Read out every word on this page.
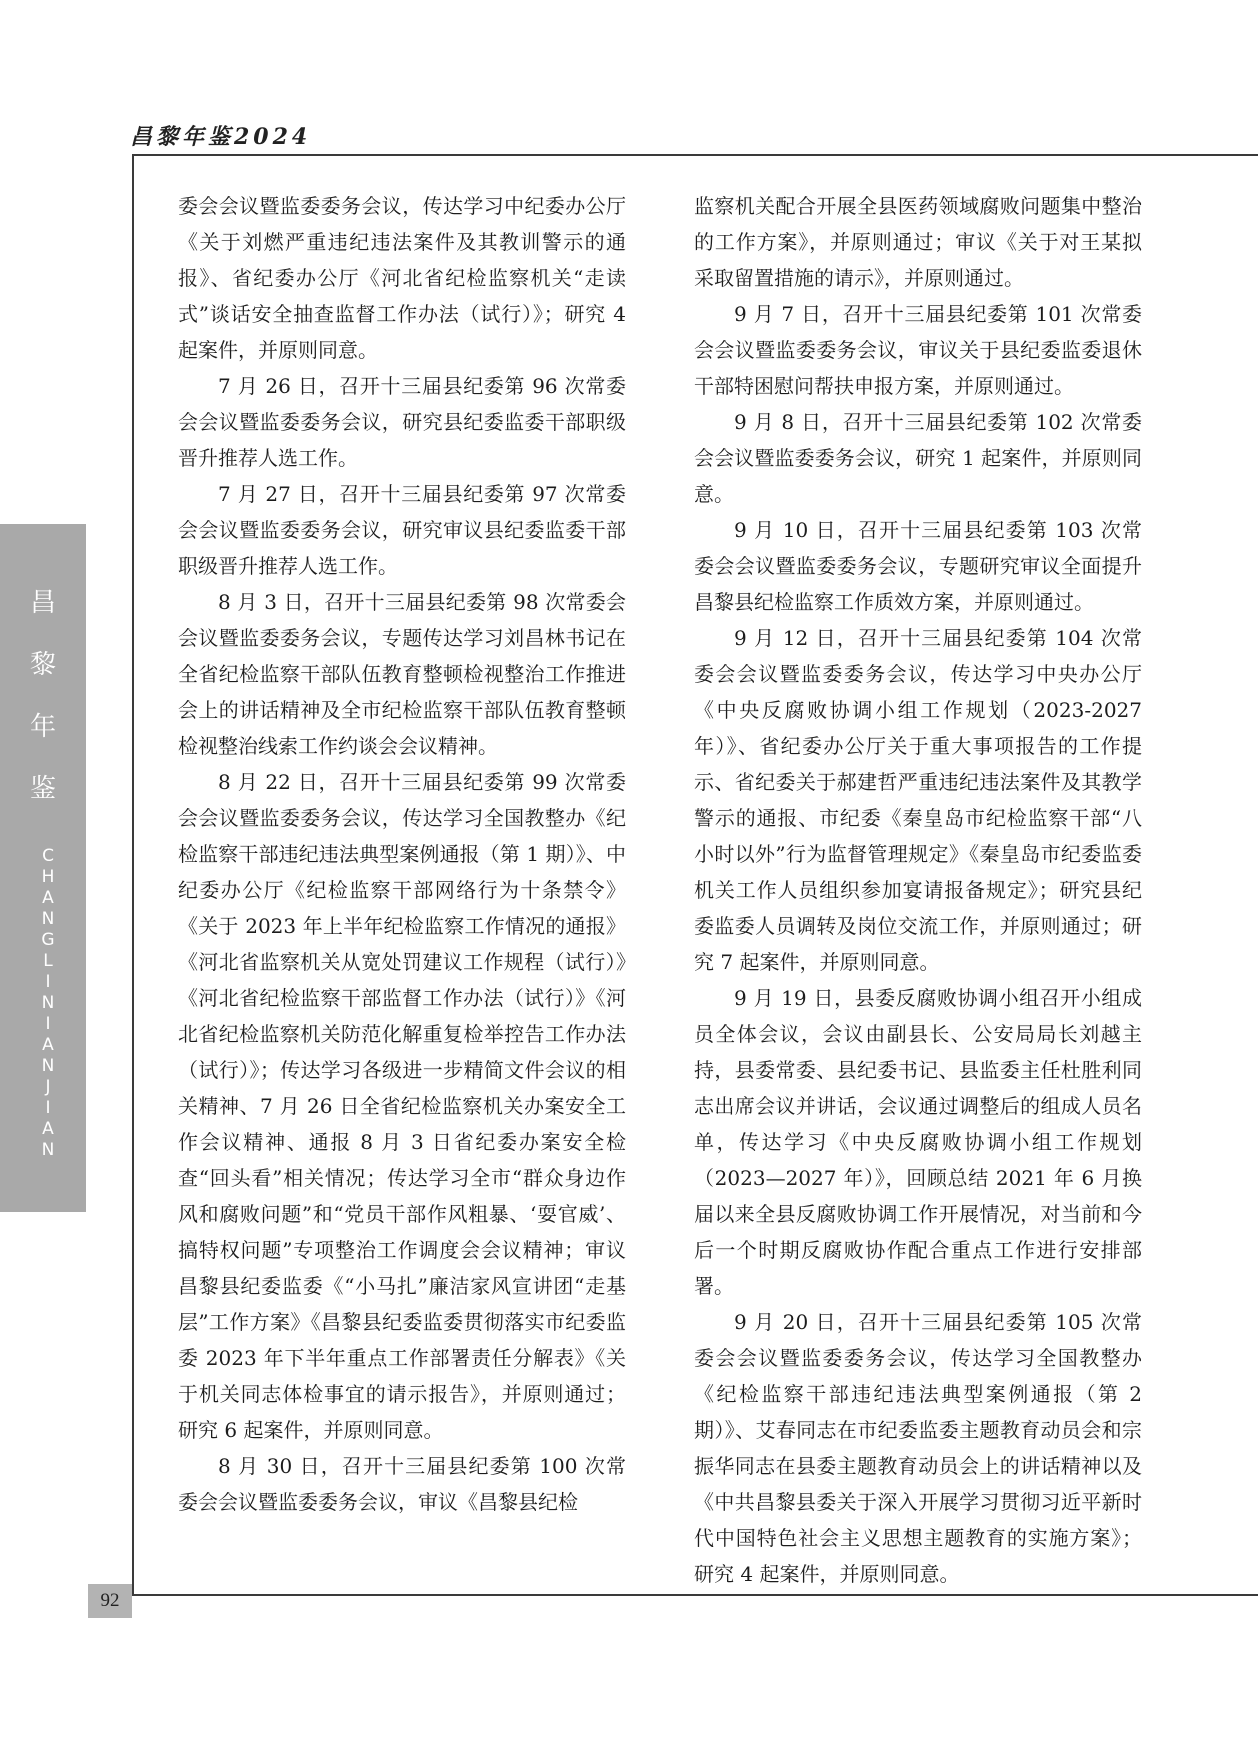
昌黎年鉴2024
昌
黎
年
鉴
CHANGLINIANJIAN

委会会议暨监委委务会议，传达学习中纪委办公厅《关于刘燃严重违纪违法案件及其教训警示的通报》、省纪委办公厅《河北省纪检监察机关“走读式”谈话安全抽查监督工作办法（试行）》；研究 4 起案件，并原则同意。

7 月 26 日，召开十三届县纪委第 96 次常委会会议暨监委委务会议，研究县纪委监委干部职级晋升推荐人选工作。

7 月 27 日，召开十三届县纪委第 97 次常委会会议暨监委委务会议，研究审议县纪委监委干部职级晋升推荐人选工作。

8 月 3 日，召开十三届县纪委第 98 次常委会会议暨监委委务会议，专题传达学习刘昌林书记在全省纪检监察干部队伍教育整顿检视整治工作推进会上的讲话精神及全市纪检监察干部队伍教育整顿检视整治线索工作约谈会会议精神。

8 月 22 日，召开十三届县纪委第 99 次常委会会议暨监委委务会议，传达学习全国教整办《纪检监察干部违纪违法典型案例通报（第 1 期）》、中纪委办公厅《纪检监察干部网络行为十条禁令》《关于 2023 年上半年纪检监察工作情况的通报》《河北省监察机关从宽处罚建议工作规程（试行）》《河北省纪检监察干部监督工作办法（试行）》《河北省纪检监察机关防范化解重复检举控告工作办法（试行）》；传达学习各级进一步精简文件会议的相关精神、7 月 26 日全省纪检监察机关办案安全工作会议精神、通报 8 月 3 日省纪委办案安全检查“回头看”相关情况；传达学习全市“群众身边作风和腐败问题”和“党员干部作风粗暴、‘耍官威’、搞特权问题”专项整治工作调度会会议精神；审议昌黎县纪委监委《“小马扎”廉洁家风宣讲团“走基层”工作方案》《昌黎县纪委监委贯彻落实市纪委监委 2023 年下半年重点工作部署责任分解表》《关于机关同志体检事宜的请示报告》，并原则通过；研究 6 起案件，并原则同意。

8 月 30 日，召开十三届县纪委第 100 次常委会会议暨监委委务会议，审议《昌黎县纪检

监察机关配合开展全县医药领域腐败问题集中整治的工作方案》，并原则通过；审议《关于对王某拟采取留置措施的请示》，并原则通过。

9 月 7 日，召开十三届县纪委第 101 次常委会会议暨监委委务会议，审议关于县纪委监委退休干部特困慰问帮扶申报方案，并原则通过。

9 月 8 日，召开十三届县纪委第 102 次常委会会议暨监委委务会议，研究 1 起案件，并原则同意。

9 月 10 日，召开十三届县纪委第 103 次常委会会议暨监委委务会议，专题研究审议全面提升昌黎县纪检监察工作质效方案，并原则通过。

9 月 12 日，召开十三届县纪委第 104 次常委会会议暨监委委务会议，传达学习中央办公厅《中央反腐败协调小组工作规划（2023-2027 年）》、省纪委办公厅关于重大事项报告的工作提示、省纪委关于郝建哲严重违纪违法案件及其教学警示的通报、市纪委《秦皇岛市纪检监察干部“八小时以外”行为监督管理规定》《秦皇岛市纪委监委机关工作人员组织参加宴请报备规定》；研究县纪委监委人员调转及岗位交流工作，并原则通过；研究 7 起案件，并原则同意。

9 月 19 日，县委反腐败协调小组召开小组成员全体会议，会议由副县长、公安局局长刘越主持，县委常委、县纪委书记、县监委主任杜胜利同志出席会议并讲话，会议通过调整后的组成人员名单，传达学习《中央反腐败协调小组工作规划（2023—2027 年）》，回顾总结 2021 年 6 月换届以来全县反腐败协调工作开展情况，对当前和今后一个时期反腐败协作配合重点工作进行安排部署。

9 月 20 日，召开十三届县纪委第 105 次常委会会议暨监委委务会议，传达学习全国教整办《纪检监察干部违纪违法典型案例通报（第 2 期）》、艾春同志在市纪委监委主题教育动员会和宗振华同志在县委主题教育动员会上的讲话精神以及《中共昌黎县委关于深入开展学习贯彻习近平新时代中国特色社会主义思想主题教育的实施方案》；研究 4 起案件，并原则同意。

92
